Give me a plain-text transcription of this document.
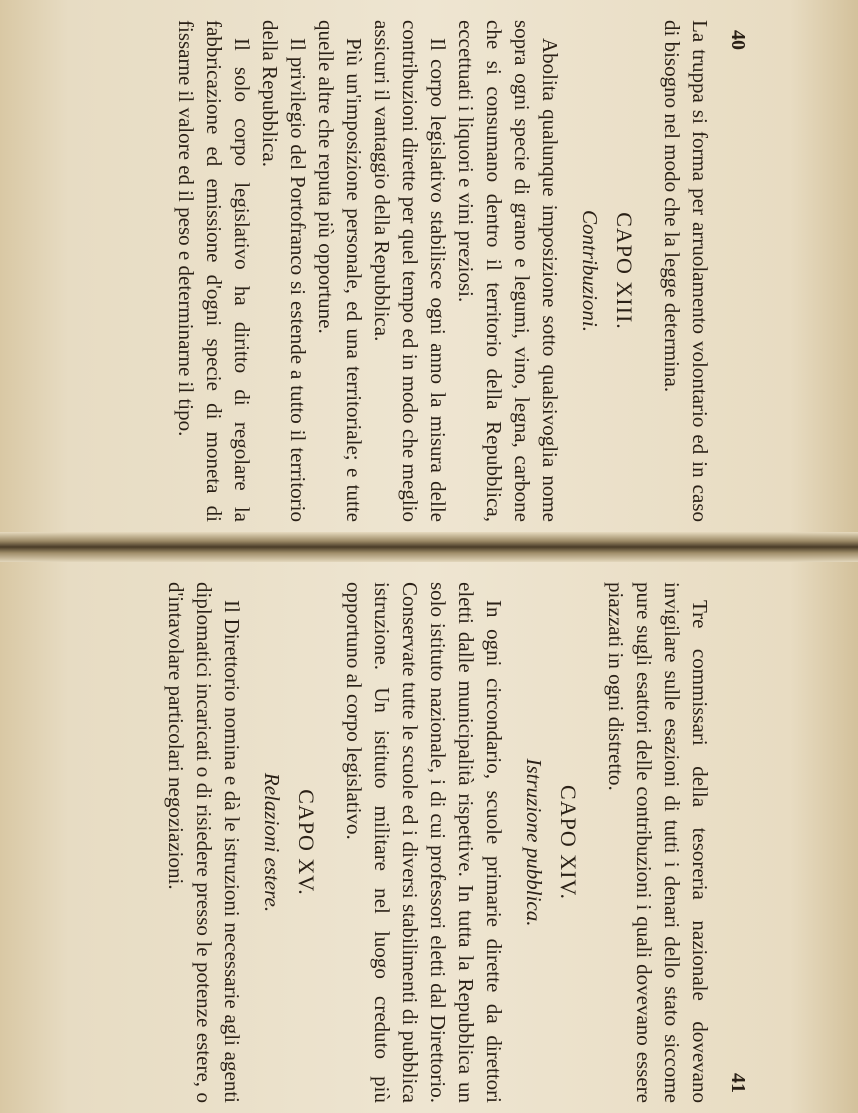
40

La truppa si forma per arruolamento volontario ed in caso di bisogno nel modo che la legge determina.

CAPO XIII.
Contribuzioni.

Abolita qualunque imposizione sotto qualsivoglia nome sopra ogni specie di grano e legumi, vino, legna, carbone che si consumano dentro il territorio della Repubblica, eccettuati i liquori e vini preziosi.

Il corpo legislativo stabilisce ogni anno la misura delle contribuzioni dirette per quel tempo ed in modo che meglio assicuri il vantaggio della Repubblica.

Più un'imposizione personale, ed una territoriale; e tutte quelle altre che reputa più opportune.

Il privilegio del Portofranco si estende a tutto il territorio della Repubblica.

Il solo corpo legislativo ha diritto di regolare la fabbricazione ed emissione d'ogni specie di moneta di fissarne il valore ed il peso e determinarne il tipo.

41

Tre commissari della tesoreria nazionale dovevano invigilare sulle esazioni di tutti i denari dello stato siccome pure sugli esattori delle contribuzioni i quali dovevano essere piazzati in ogni distretto.

CAPO XIV.
Istruzione pubblica.

In ogni circondario, scuole primarie dirette da direttori eletti dalle municipalità rispettive. In tutta la Repubblica un solo istituto nazionale, i di cui professori eletti dal Direttorio. Conservate tutte le scuole ed i diversi stabilimenti di pubblica istruzione. Un istituto militare nel luogo creduto più opportuno al corpo legislativo.

CAPO XV.
Relazioni estere.

Il Direttorio nomina e dà le istruzioni necessarie agli agenti diplomatici incaricati o di risiedere presso le potenze estere, o d'intavolare particolari negoziazioni.
